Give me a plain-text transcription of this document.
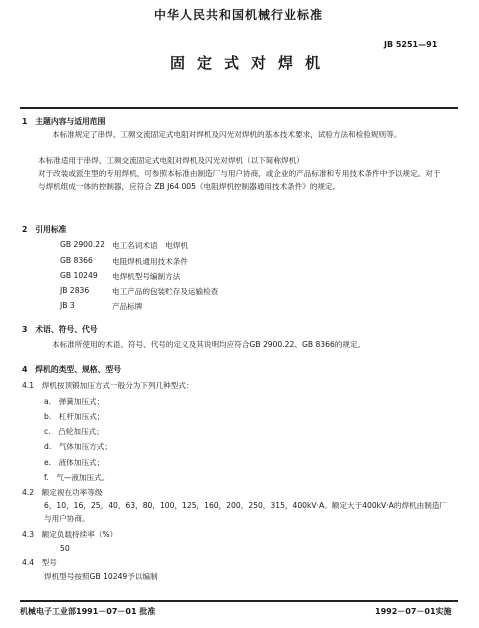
中华人民共和国机械行业标准
JB 5251—91
固定式对焊机
1　主题内容与适用范围
本标准规定了串焊、工频交流固定式电阻对焊机及闪光对焊机的基本技术要求，试验方法和检验规则等。
本标准适用于串焊、工频交流固定式电阻对焊机及闪光对焊机（以下简称焊机）
对于改装或派生型的专用焊机，可参照本标准由制造厂与用户协商，或企业的产品标准和专用技术条件中予以规定。对于与焊机组成一体的控制器，应符合 ZB J64 005《电阻焊机控制器通用技术条件》的规定。
2　引用标准
GB 2900.22 电工名词术语　电焊机
GB 8366	电阻焊机通用技术条件
GB 10249 电焊机型号编制方法
JB 2836	电工产品的包装贮存及运输检查
JB 3	产品标牌
3　术语、符号、代号
本标准所使用的术语、符号、代号的定义及其说明均应符合GB 2900.22、GB 8366的规定。
4　焊机的类型、规格、型号
4.1　焊机按顶锻加压方式一般分为下列几种型式：
a.　弹簧加压式；
b.　杠杆加压式；
c.　凸轮加压式；
d.　气体加压方式；
e.　液体加压式；
f.　气—液加压式。
4.2　额定视在功率等级
6，10，16，25，40，63，80，100，125，160，200，250，315，400kV·A。额定大于400kV·A的焊机由制造厂与用户协商。
4.3　额定负载持续率（%）
50
4.4　型号
焊机型号按照GB 10249予以编制
机械电子工业部1991－07－01 批准	1992－07－01实施
